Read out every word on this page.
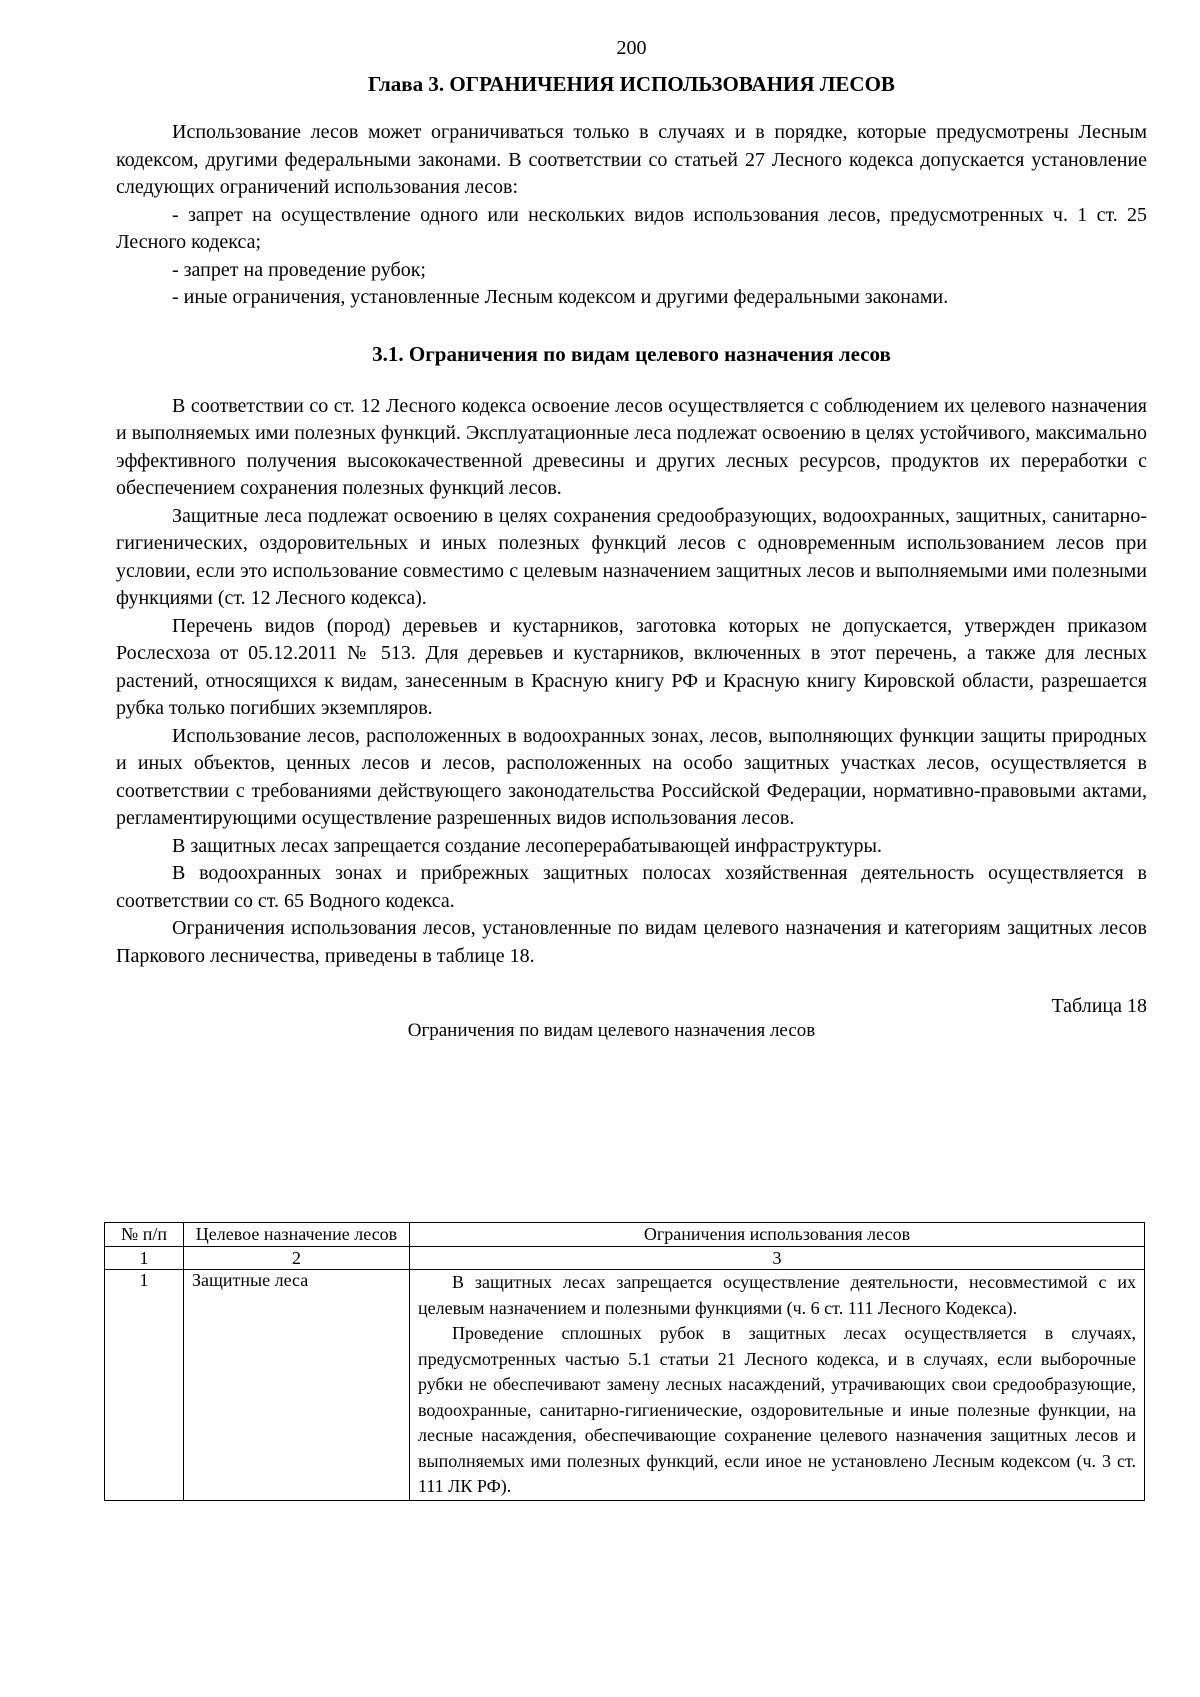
200
Глава 3. ОГРАНИЧЕНИЯ ИСПОЛЬЗОВАНИЯ ЛЕСОВ

Использование лесов может ограничиваться только в случаях и в порядке, которые предусмотрены Лесным кодексом, другими федеральными законами. В соответствии со статьей 27 Лесного кодекса допускается установление следующих ограничений использования лесов:

- запрет на осуществление одного или нескольких видов использования лесов, предусмотренных ч. 1 ст. 25 Лесного кодекса;

- запрет на проведение рубок;

- иные ограничения, установленные Лесным кодексом и другими федеральными законами.

3.1. Ограничения по видам целевого назначения лесов

В соответствии со ст. 12 Лесного кодекса освоение лесов осуществляется с соблюдением их целевого назначения и выполняемых ими полезных функций. Эксплуатационные леса подлежат освоению в целях устойчивого, максимально эффективного получения высококачественной древесины и других лесных ресурсов, продуктов их переработки с обеспечением сохранения полезных функций лесов.

Защитные леса подлежат освоению в целях сохранения средообразующих, водоохранных, защитных, санитарно-гигиенических, оздоровительных и иных полезных функций лесов с одновременным использованием лесов при условии, если это использование совместимо с целевым назначением защитных лесов и выполняемыми ими полезными функциями (ст. 12 Лесного кодекса).

Перечень видов (пород) деревьев и кустарников, заготовка которых не допускается, утвержден приказом Рослесхоза от 05.12.2011 № 513. Для деревьев и кустарников, включенных в этот перечень, а также для лесных растений, относящихся к видам, занесенным в Красную книгу РФ и Красную книгу Кировской области, разрешается рубка только погибших экземпляров.

Использование лесов, расположенных в водоохранных зонах, лесов, выполняющих функции защиты природных и иных объектов, ценных лесов и лесов, расположенных на особо защитных участках лесов, осуществляется в соответствии с требованиями действующего законодательства Российской Федерации, нормативно-правовыми актами, регламентирующими осуществление разрешенных видов использования лесов.

В защитных лесах запрещается создание лесоперерабатывающей инфраструктуры.

В водоохранных зонах и прибрежных защитных полосах хозяйственная деятельность осуществляется в соответствии со ст. 65 Водного кодекса.

Ограничения использования лесов, установленные по видам целевого назначения и категориям защитных лесов Паркового лесничества, приведены в таблице 18.

Таблица 18
Ограничения по видам целевого назначения лесов
№ п/п	Целевое назначение лесов	Ограничения использования лесов
1	2	3
1	Защитные леса	В защитных лесах запрещается осуществление деятельности, несовместимой с их целевым назначением и полезными функциями (ч. 6 ст. 111 Лесного Кодекса).

Проведение сплошных рубок в защитных лесах осуществляется в случаях, предусмотренных частью 5.1 статьи 21 Лесного кодекса, и в случаях, если выборочные рубки не обеспечивают замену лесных насаждений, утрачивающих свои средообразующие, водоохранные, санитарно-гигиенические, оздоровительные и иные полезные функции, на лесные насаждения, обеспечивающие сохранение целевого назначения защитных лесов и выполняемых ими полезных функций, если иное не установлено Лесным кодексом (ч. 3 ст. 111 ЛК РФ).
